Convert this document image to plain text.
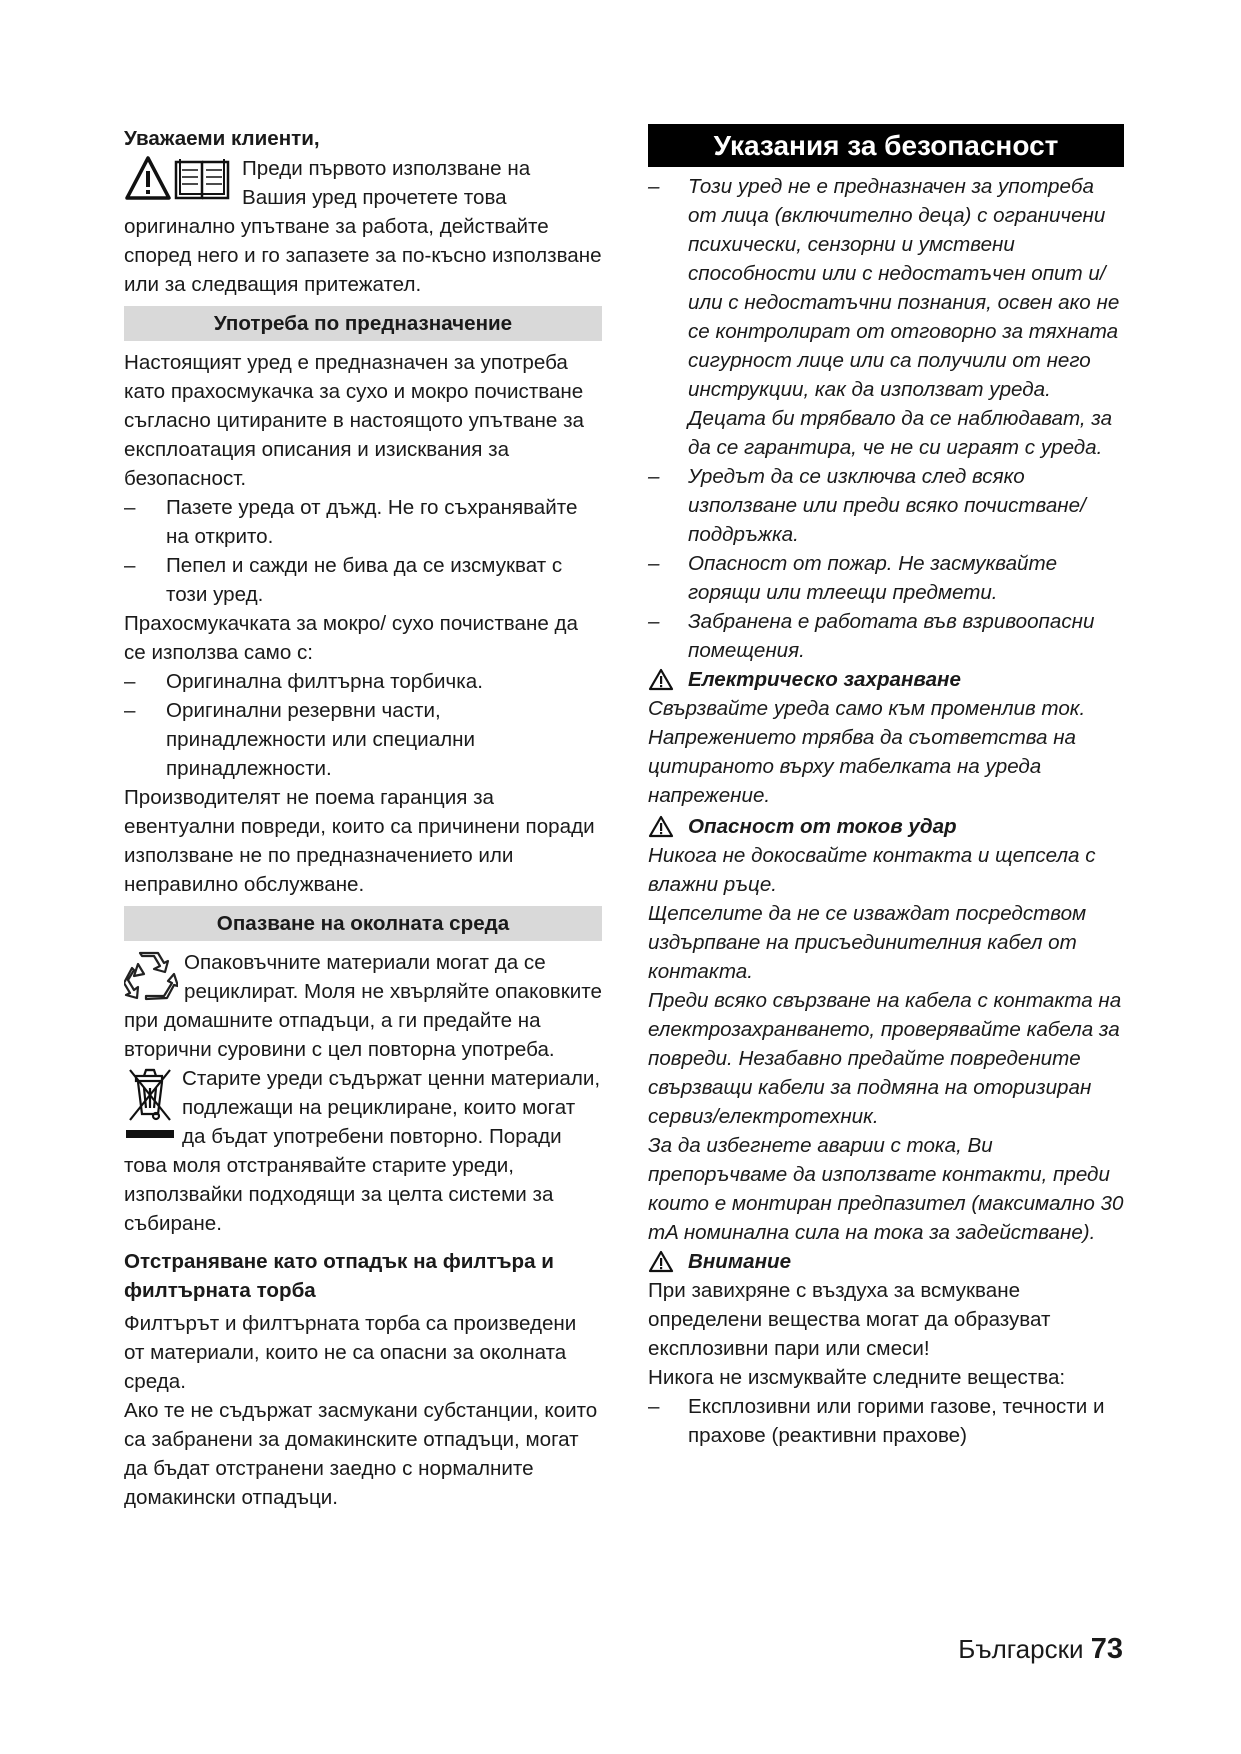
Уважаеми клиенти,

Преди първото използване на

Вашия уред прочетете това

оригинално упътване за работа, действайте според него и го запазете за по-късно използване или за следващия притежател.

Употреба по предназначение

Настоящият уред е предназначен за употреба като прахосмукачка за сухо и мокро почистване съгласно цитираните в настоящото упътване за експлоатация описания и изисквания за безопасност.

– Пазете уреда от дъжд. Не го съхранявайте на открито.
– Пепел и сажди не бива да се изсмукват с този уред.

Прахосмукачката за мокро/ сухо почистване да се използва само с:

– Оригинална филтърна торбичка.
– Оригинални резервни части, принадлежности или специални принадлежности.

Производителят не поема гаранция за евентуални повреди, които са причинени поради използване не по предназначението или неправилно обслужване.

Опазване на околната среда

Опаковъчните материали могат да се рециклират. Моля не хвърляйте опаковките при домашните отпадъци, а ги предайте на вторични суровини с цел повторна употреба.

Старите уреди съдържат ценни материали, подлежащи на рециклиране, които могат да бъдат употребени повторно. Поради това моля отстранявайте старите уреди, използвайки подходящи за целта системи за събиране.

Отстраняване като отпадък на филтъра и филтърната торба

Филтърът и филтърната торба са произведени от материали, които не са опасни за околната среда.

Ако те не съдържат засмукани субстанции, които са забранени за домакинските отпадъци, могат да бъдат отстранени заедно с нормалните домакински отпадъци.

Указания за безопасност
– Този уред не е предназначен за употреба от лица (включително деца) с ограничени психически, сензорни и умствени способности или с недостатъчен опит и/или с недостатъчни познания, освен ако не се контролират от отговорно за тяхната сигурност лице или са получили от него инструкции, как да използват уреда. Децата би трябвало да се наблюдават, за да се гарантира, че не си играят с уреда.
– Уредът да се изключва след всяко използване или преди всяко почистване/ поддръжка.
– Опасност от пожар. Не засмуквайте горящи или тлеещи предмети.
– Забранена е работата във взривоопасни помещения.

Електрическо захранване

Свързвайте уреда само към променлив ток. Напрежението трябва да съответства на цитираното върху табелката на уреда напрежение.

Опасност от токов удар

Никога не докосвайте контакта и щепсела с влажни ръце.

Щепселите да не се изваждат посредством издърпване на присъединителния кабел от контакта.

Преди всяко свързване на кабела с контакта на електрозахранването, проверявайте кабела за повреди. Незабавно предайте повредените свързващи кабели за подмяна на оторизиран сервиз/електротехник.

За да избегнете аварии с тока, Ви препоръчваме да използвате контакти, преди които е монтиран предпазител (максимално 30 mA номинална сила на тока за задействане).

Внимание

При завихряне с въздуха за всмукване определени вещества могат да образуват експлозивни пари или смеси!

Никога не изсмуквайте следните вещества:

– Експлозивни или горими газове, течности и прахове (реактивни прахове)
Български 73
